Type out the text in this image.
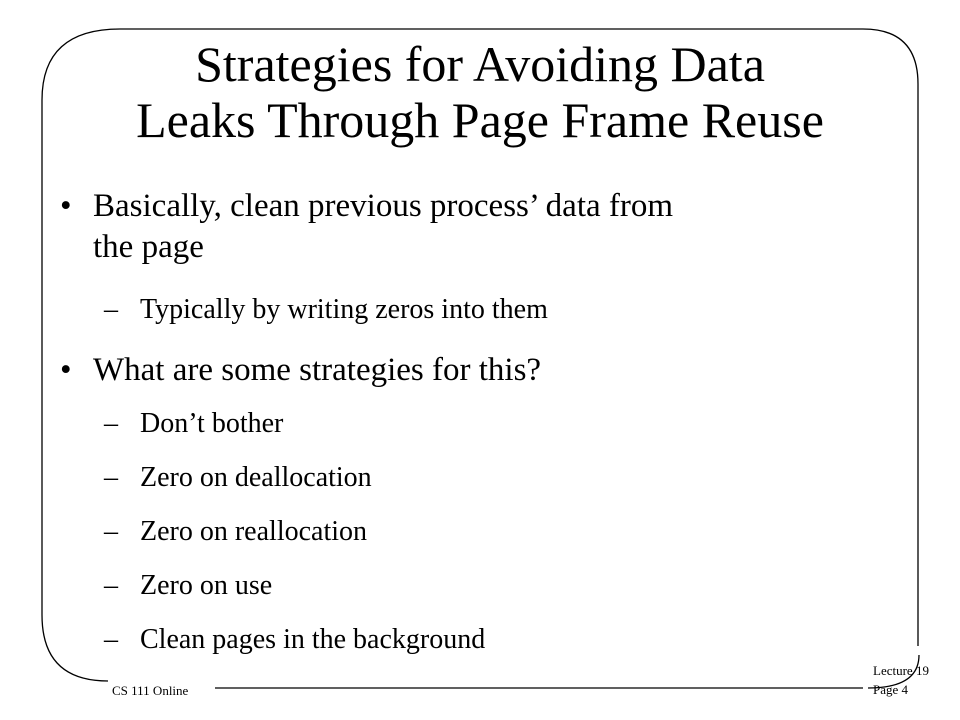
Strategies for Avoiding Data
Leaks Through Page Frame Reuse
• Basically, clean previous process’ data from
the page
– Typically by writing zeros into them
• What are some strategies for this?
– Don’t bother
– Zero on deallocation
– Zero on reallocation
– Zero on use
– Clean pages in the background
CS 111 Online
Lecture 19
Page 4
